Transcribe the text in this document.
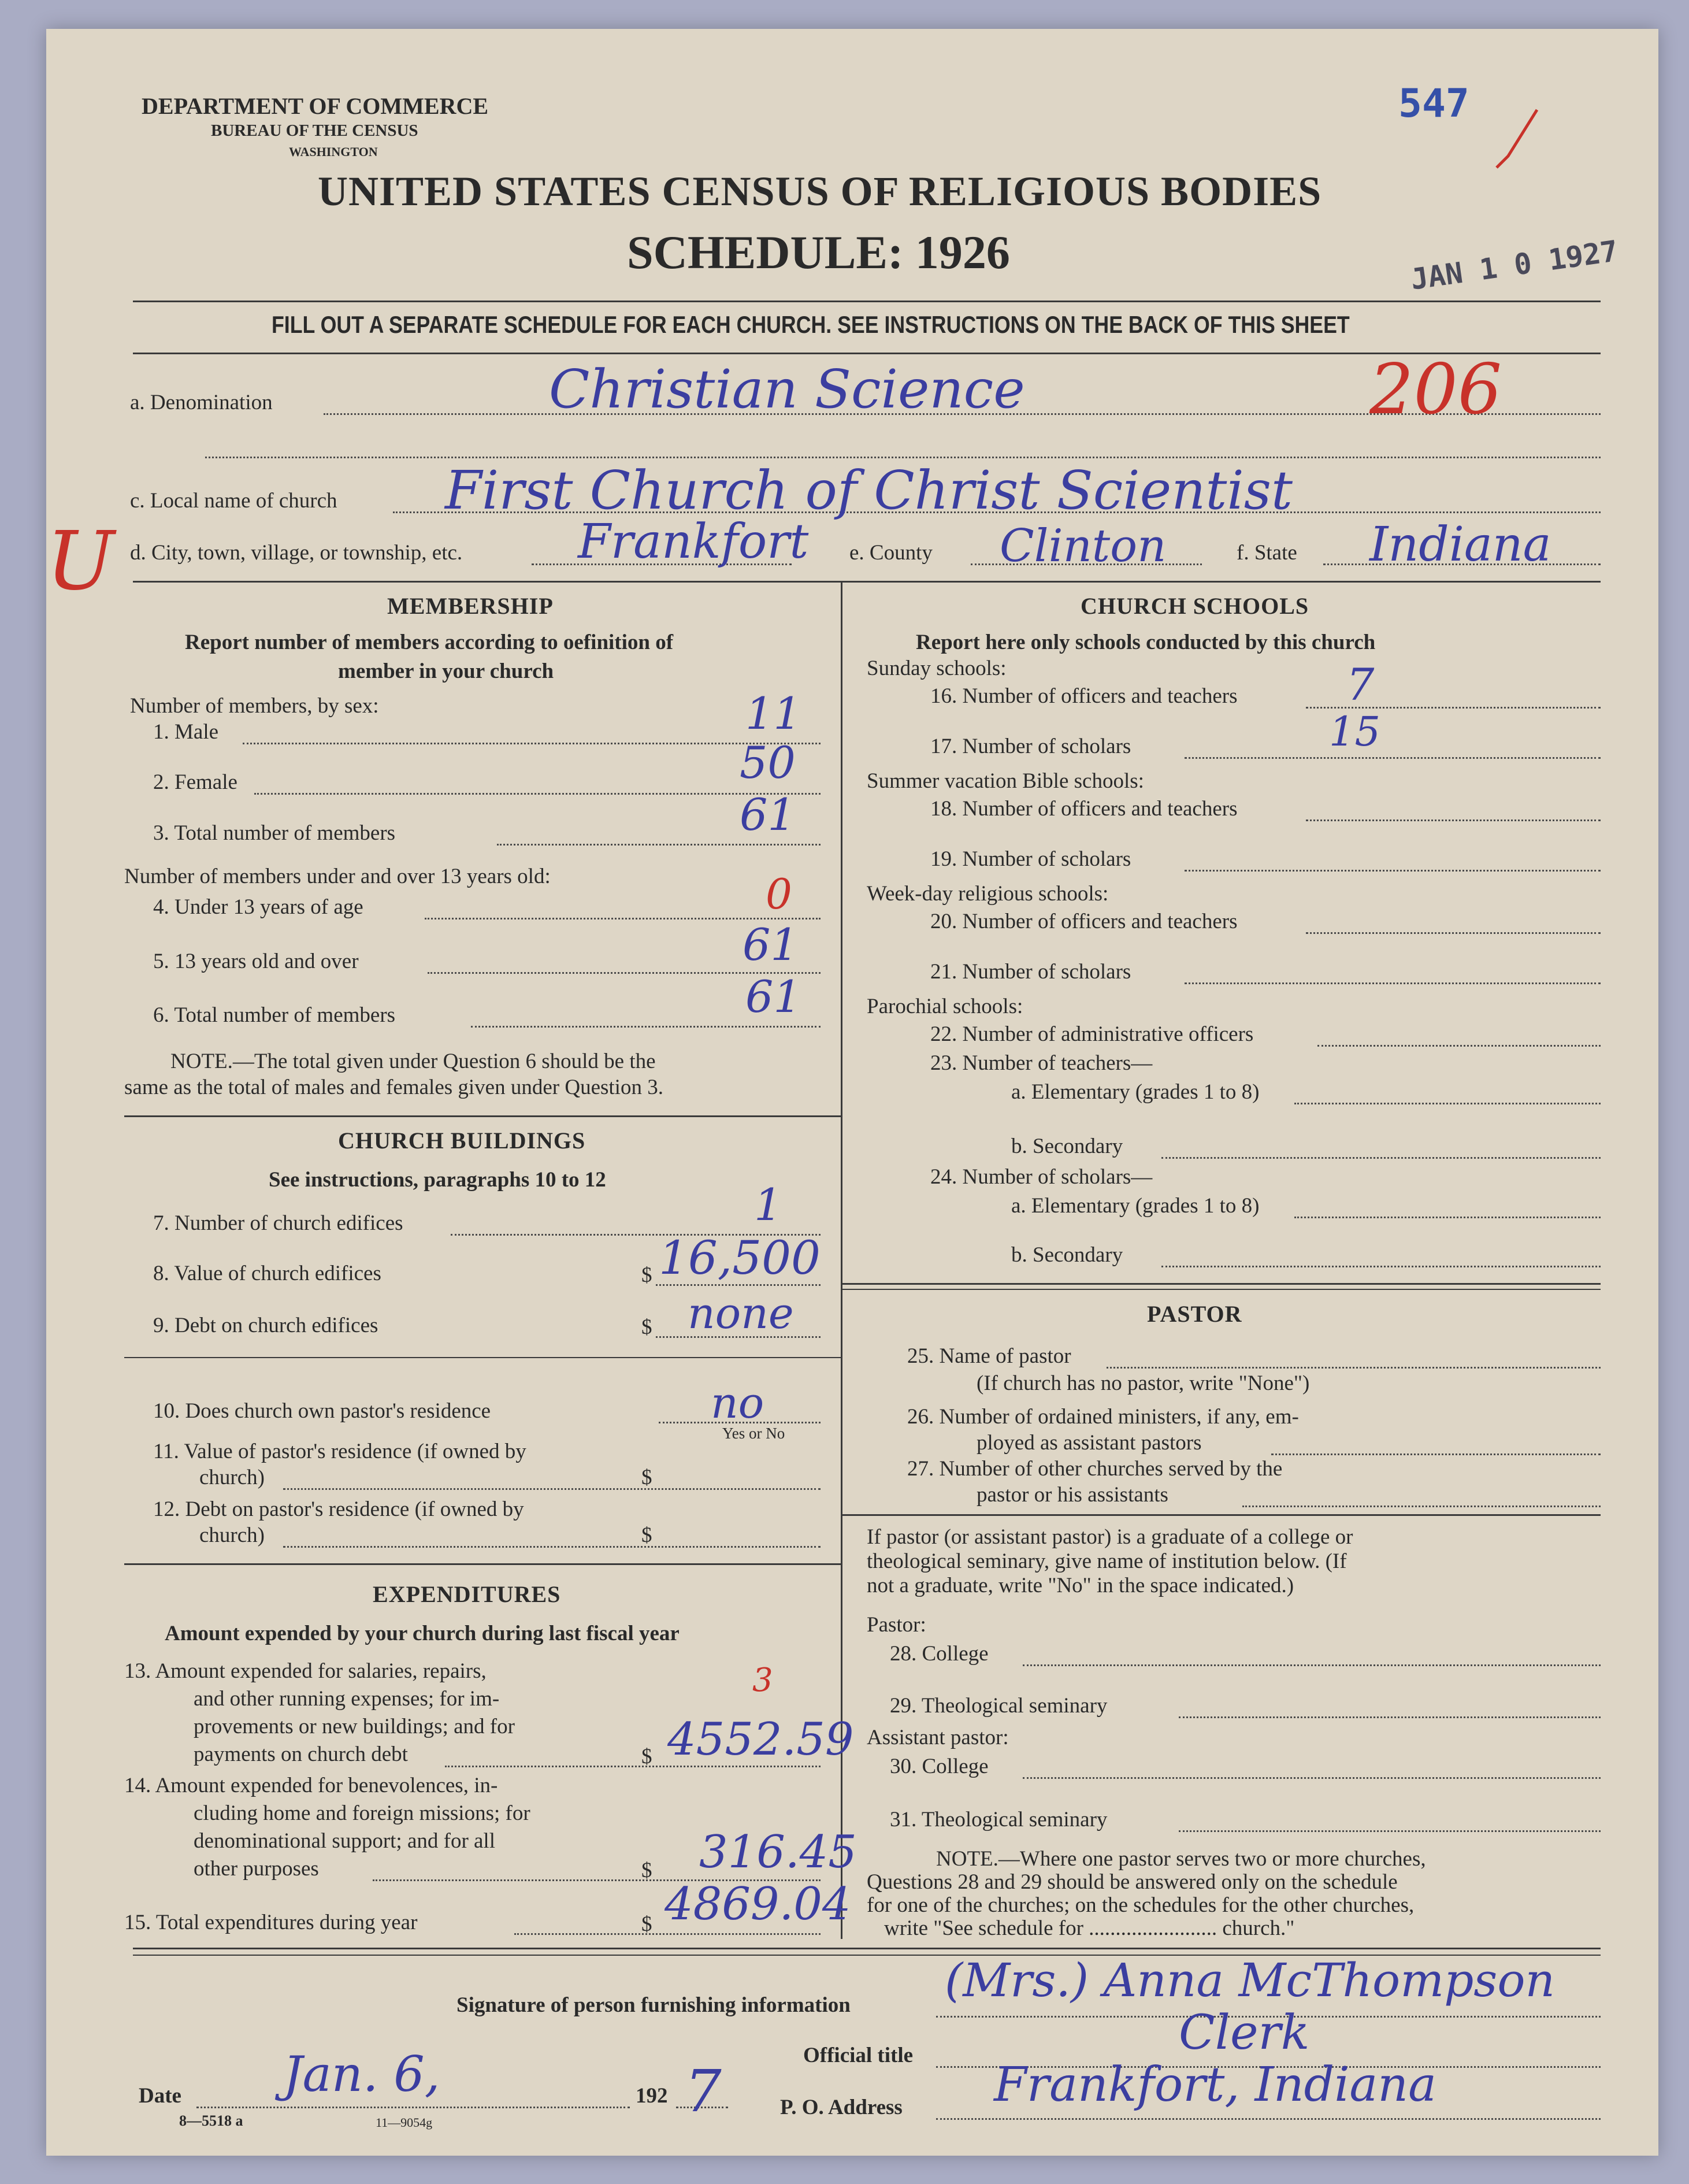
DEPARTMENT OF COMMERCE
BUREAU OF THE CENSUS
WASHINGTON
547
UNITED STATES CENSUS OF RELIGIOUS BODIES
SCHEDULE: 1926	JAN 1 0 1927
FILL OUT A SEPARATE SCHEDULE FOR EACH CHURCH. SEE INSTRUCTIONS ON THE BACK OF THIS SHEET
a. Denomination	Christian Science	206
c. Local name of church First Church of Christ Scientist
U d. City, town, village, or township, etc. Frankfort e. County Clinton	f. State Indiana
MEMBERSHIP
Report number of members according to oefinition of
member in your church
Number of members, by sex:
1. Male	11
2. Female	50
3. Total number of members	61
Number of members under and over 13 years old:
4. Under 13 years of age	0
5. 13 years old and over	61
6. Total number of members	61
NOTE.—The total given under Question 6 should be the
same as the total of males and females given under Question 3.
CHURCH BUILDINGS
See instructions, paragraphs 10 to 12
7. Number of church edifices	1
8. Value of church edifices	$ 16,500
9. Debt on church edifices	$ none
10. Does church own pastor's residence	no
Yes or No
11. Value of pastor's residence (if owned by
church)	$
12. Debt on pastor's residence (if owned by
church)	$
EXPENDITURES
Amount expended by your church during last fiscal year
13. Amount expended for salaries, repairs,
and other running expenses; for im-
provements or new buildings; and for
payments on church debt	$ 4552.59
3
14. Amount expended for benevolences, in-
cluding home and foreign missions; for
denominational support; and for all
other purposes	$ 316.45
15. Total expenditures during year	$ 4869.04
CHURCH SCHOOLS
Report here only schools conducted by this church
Sunday schools:
16. Number of officers and teachers 7
17. Number of scholars	15
Summer vacation Bible schools:
18. Number of officers and teachers
19. Number of scholars
Week-day religious schools:
20. Number of officers and teachers
21. Number of scholars
Parochial schools:
22. Number of administrative officers
23. Number of teachers—
a. Elementary (grades 1 to 8)
b. Secondary
24. Number of scholars—
a. Elementary (grades 1 to 8)
b. Secondary
PASTOR
25. Name of pastor
(If church has no pastor, write "None")
26. Number of ordained ministers, if any, em-
ployed as assistant pastors
27. Number of other churches served by the
pastor or his assistants
If pastor (or assistant pastor) is a graduate of a college or
theological seminary, give name of institution below. (If
not a graduate, write "No" in the space indicated.)
Pastor:
28. College
29. Theological seminary
Assistant pastor:
30. College
31. Theological seminary
NOTE.—Where one pastor serves two or more churches,
Questions 28 and 29 should be answered only on the schedule
for one of the churches; on the schedules for the other churches,
write "See schedule for ........................ church."
Signature of person furnishing information (Mrs.) Anna McThompson
Official title	Clerk
Date Jan. 6,	192 7	P. O. Address Frankfort, Indiana
8—5518 a	11—9054g
